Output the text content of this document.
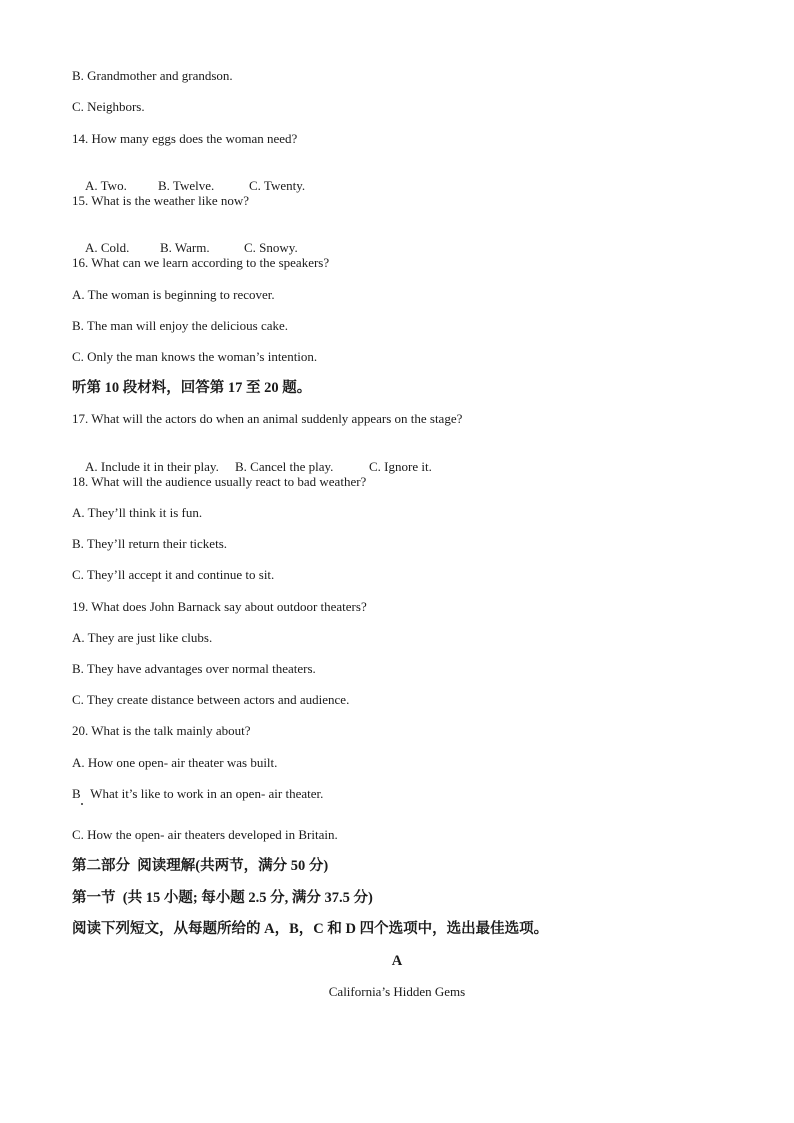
B. Grandmother and grandson.
C. Neighbors.
14. How many eggs does the woman need?

A. Two. B. Twelve.	C. Twenty.

15. What is the weather like now?

A. Cold. B. Warm.	C. Snowy.

16. What can we learn according to the speakers?
A. The woman is beginning to recover.
B. The man will enjoy the delicious cake.
C. Only the man knows the woman’s intention.
听第 10 段材料，回答第 17 至 20 题。
17. What will the actors do when an animal suddenly appears on the stage?

A. Include it in their play. B. Cancel the play.	C. Ignore it.

18. What will the audience usually react to bad weather?
A. They’ll think it is fun.
B. They’ll return their tickets.
C. They’ll accept it and continue to sit.
19. What does John Barnack say about outdoor theaters?
A. They are just like clubs.
B. They have advantages over normal theaters.
C. They create distance between actors and audience.
20. What is the talk mainly about?
A. How one open- air theater was built.
B   What it’s like to work in an open- air theater.
C. How the open- air theaters developed in Britain.
第二部分  阅读理解(共两节，满分 50 分)
第一节  (共 15 小题; 每小题 2.5 分, 满分 37.5 分)
阅读下列短文，从每题所给的 A，B，C 和 D 四个选项中，选出最佳选项。
A
California’s Hidden Gems
